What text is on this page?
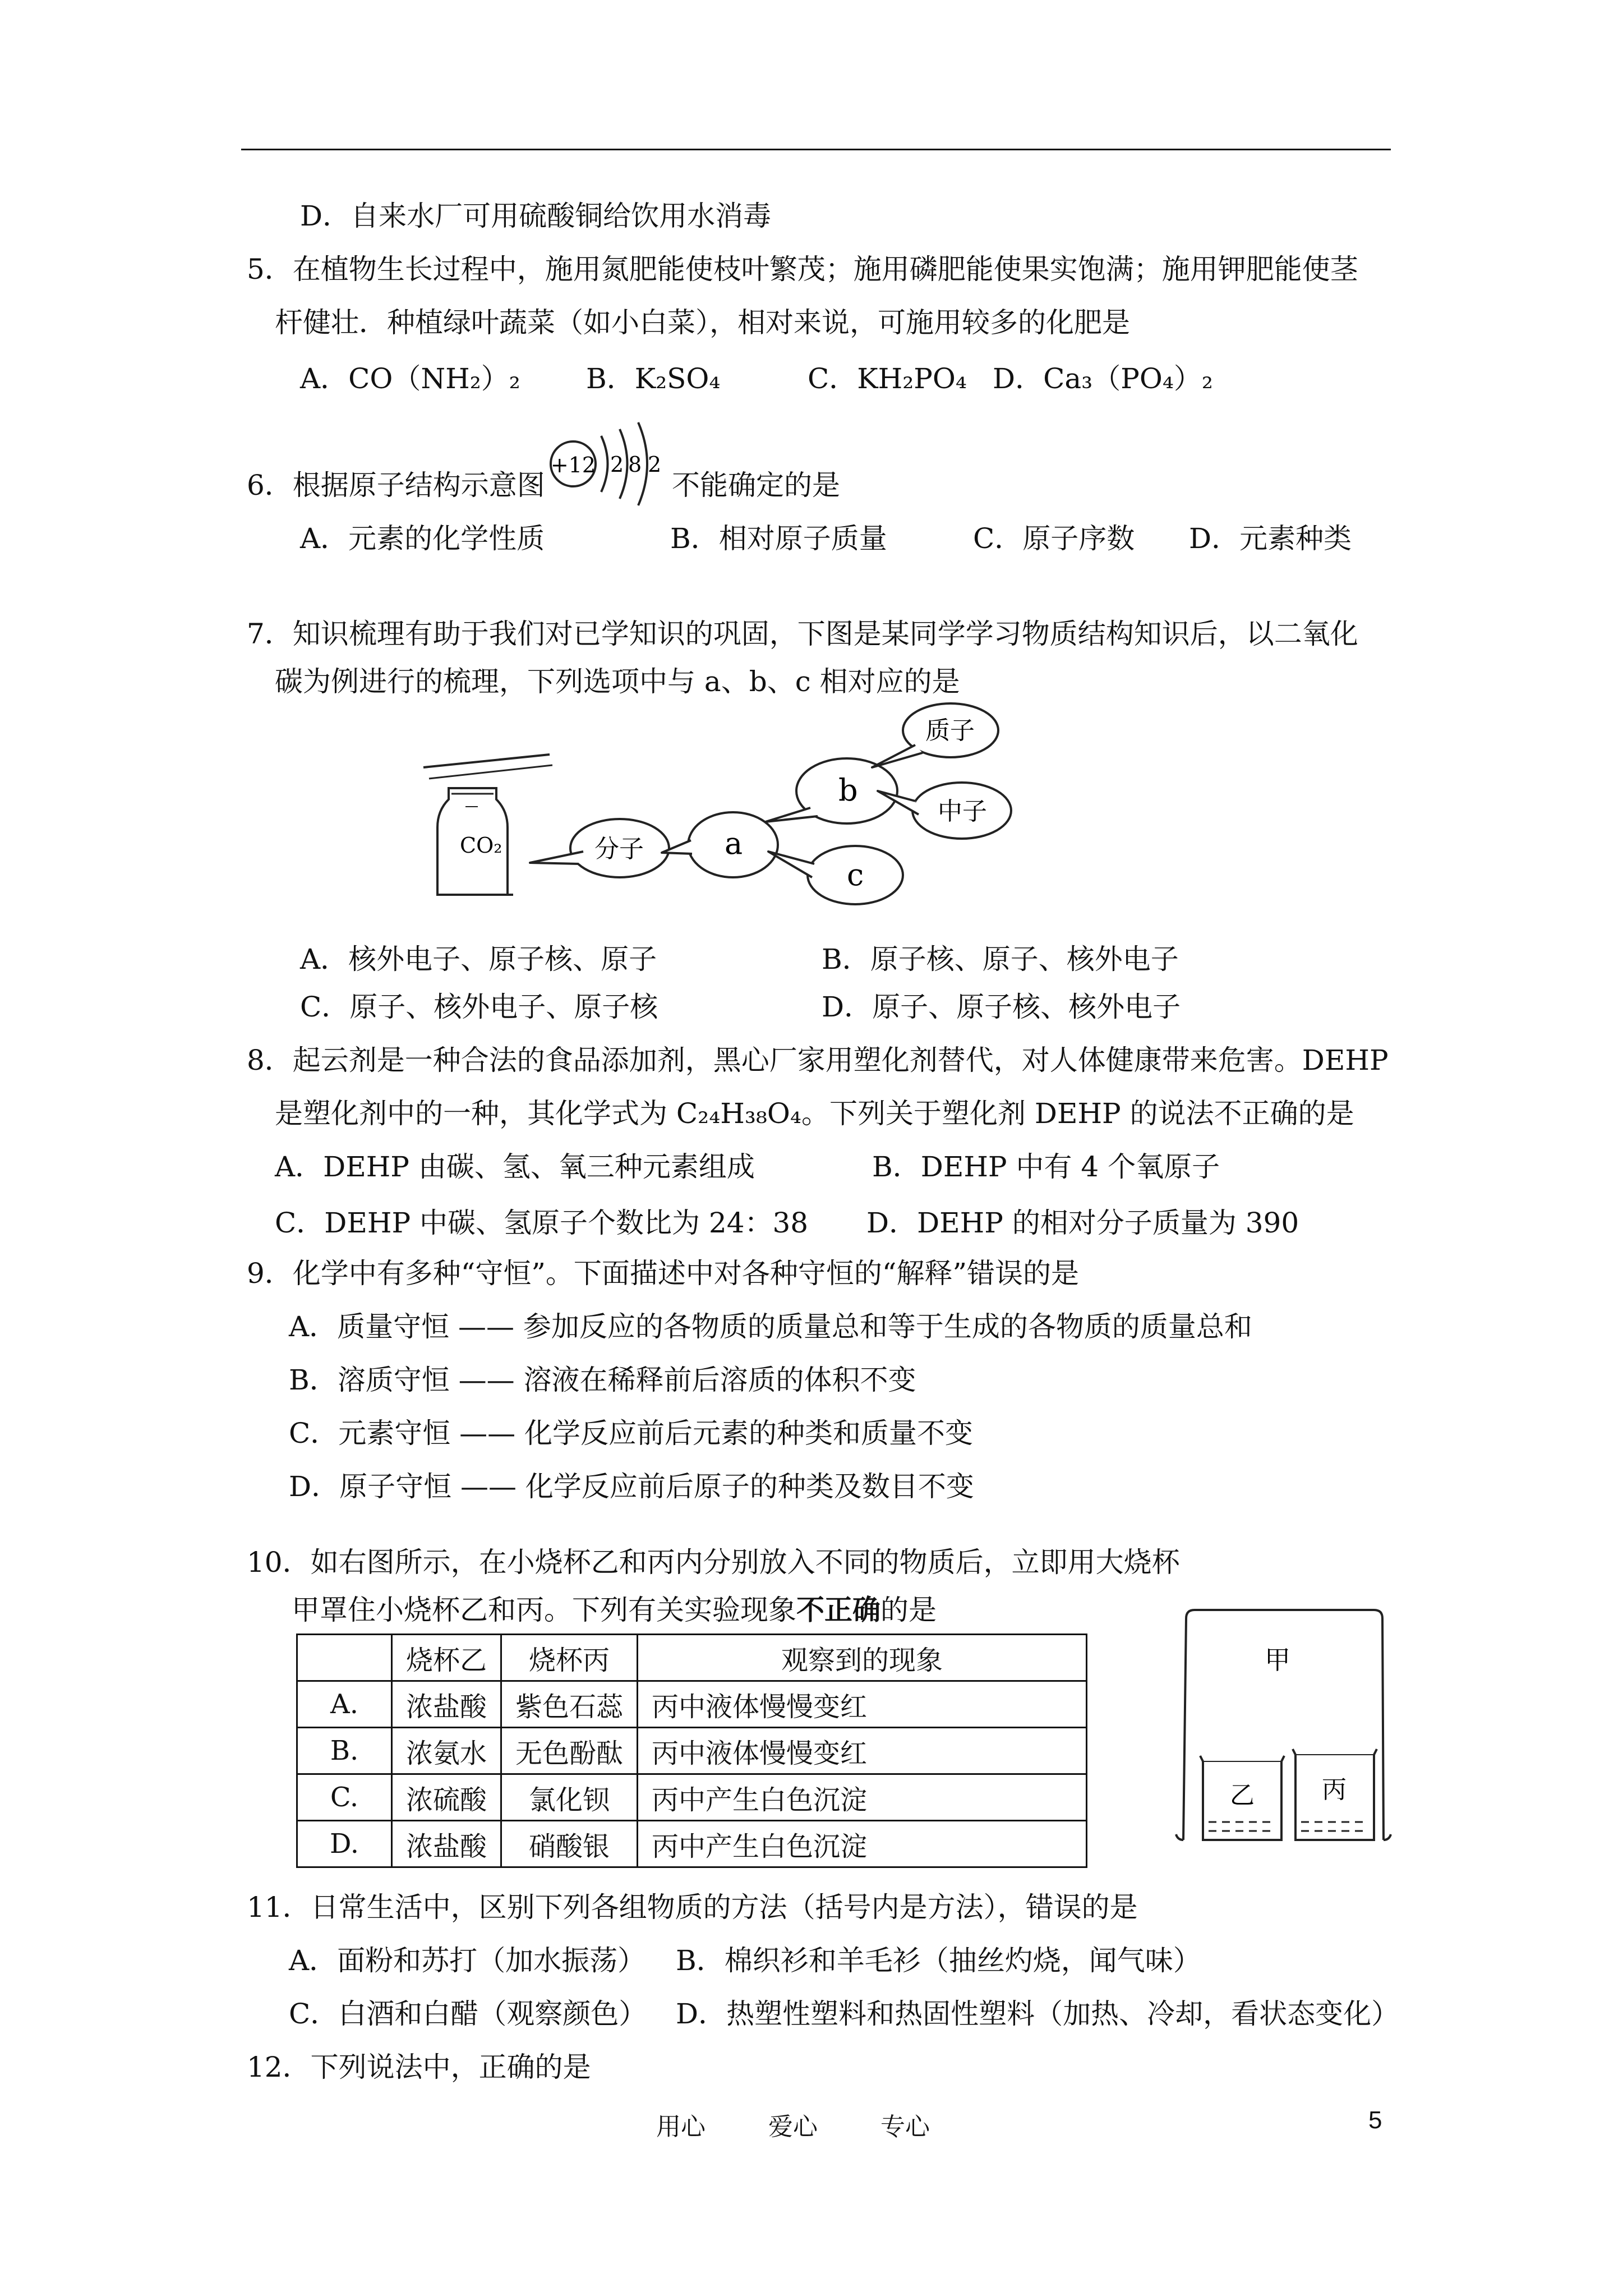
D．自来水厂可用硫酸铜给饮用水消毒
5．在植物生长过程中，施用氮肥能使枝叶繁茂；施用磷肥能使果实饱满；施用钾肥能使茎
杆健壮．种植绿叶蔬菜（如小白菜），相对来说，可施用较多的化肥是
A．CO（NH₂）₂ B．K₂SO₄	C．KH₂PO₄ D．Ca₃（PO₄）₂
6．根据原子结构示意图
+12 2 8 2
不能确定的是
A．元素的化学性质	B．相对原子质量	C．原子序数 D．元素种类
7．知识梳理有助于我们对已学知识的巩固，下图是某同学学习物质结构知识后，以二氧化
碳为例进行的梳理，下列选项中与 a、b、c 相对应的是
CO₂	分子	a
b
c
质子
中子
A．核外电子、原子核、原子	B．原子核、原子、核外电子
C．原子、核外电子、原子核	D．原子、原子核、核外电子
8．起云剂是一种合法的食品添加剂，黑心厂家用塑化剂替代，对人体健康带来危害。DEHP
是塑化剂中的一种，其化学式为 C₂₄H₃₈O₄。下列关于塑化剂 DEHP 的说法不正确的是
A．DEHP 由碳、氢、氧三种元素组成	B．DEHP 中有 4 个氧原子
C．DEHP 中碳、氢原子个数比为 24：38 D．DEHP 的相对分子质量为 390
9．化学中有多种“守恒”。下面描述中对各种守恒的“解释”错误的是
A．质量守恒 —— 参加反应的各物质的质量总和等于生成的各物质的质量总和
B．溶质守恒 —— 溶液在稀释前后溶质的体积不变
C．元素守恒 —— 化学反应前后元素的种类和质量不变
D．原子守恒 —— 化学反应前后原子的种类及数目不变
10．如右图所示，在小烧杯乙和丙内分别放入不同的物质后，立即用大烧杯
甲罩住小烧杯乙和丙。下列有关实验现象不正确的是
	烧杯乙	烧杯丙	观察到的现象
A.	浓盐酸	紫色石蕊	丙中液体慢慢变红
B.	浓氨水	无色酚酞	丙中液体慢慢变红
C.	浓硫酸	氯化钡	丙中产生白色沉淀
D.	浓盐酸	硝酸银	丙中产生白色沉淀
甲
乙	丙
11．日常生活中，区别下列各组物质的方法（括号内是方法），错误的是
A．面粉和苏打（加水振荡） B．棉织衫和羊毛衫（抽丝灼烧，闻气味）
C．白酒和白醋（观察颜色） D．热塑性塑料和热固性塑料（加热、冷却，看状态变化）
12．下列说法中，正确的是
用心	爱心	专心	5
